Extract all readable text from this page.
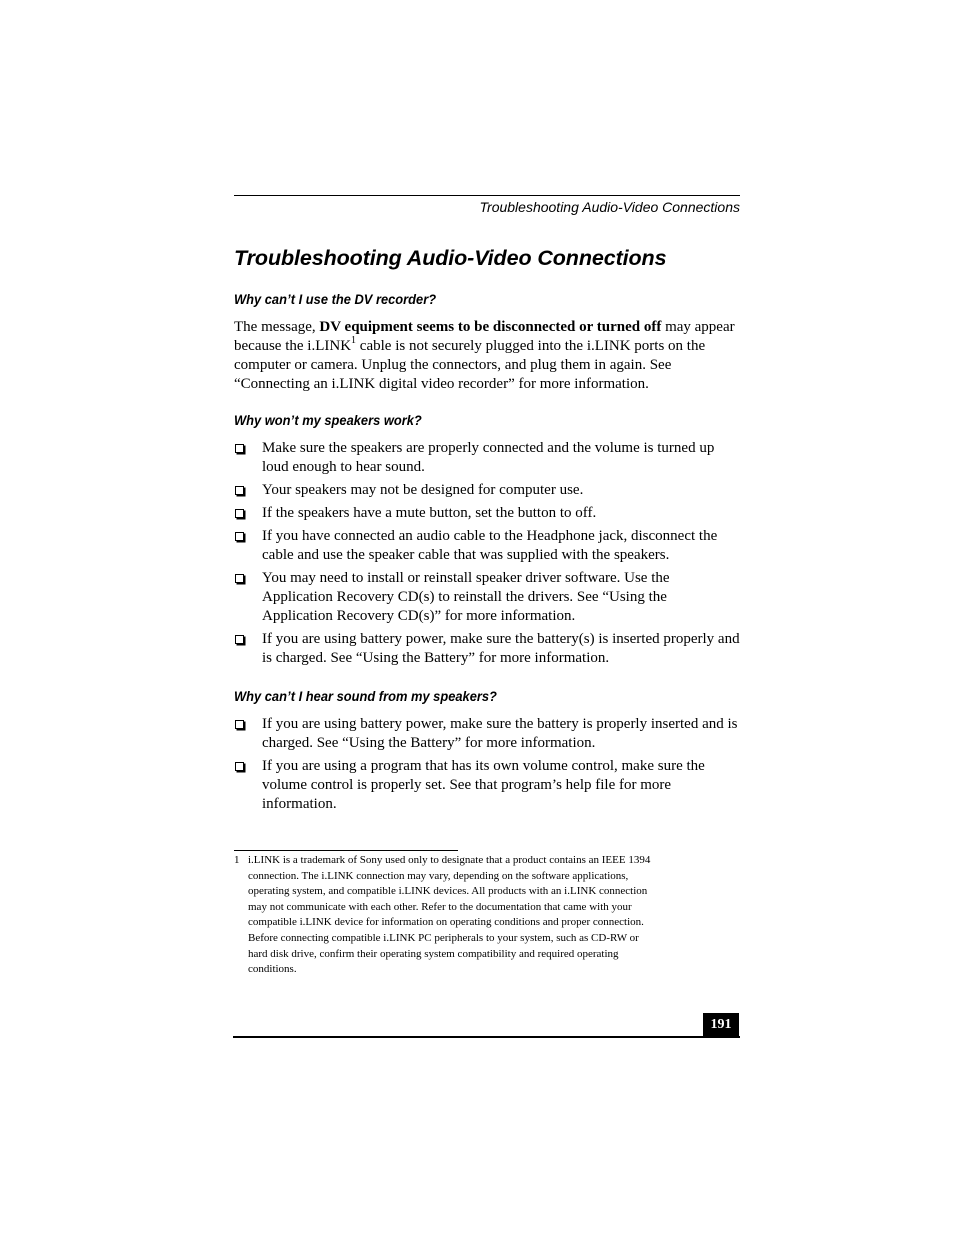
Troubleshooting Audio-Video Connections
Troubleshooting Audio-Video Connections
Why can’t I use the DV recorder?

The message, DV equipment seems to be disconnected or turned off may appear because the i.LINK$^1$ cable is not securely plugged into the i.LINK ports on the computer or camera. Unplug the connectors, and plug them in again. See “Connecting an i.LINK digital video recorder” for more information.

Why won’t my speakers work?
Make sure the speakers are properly connected and the volume is turned up loud enough to hear sound.
Your speakers may not be designed for computer use.
If the speakers have a mute button, set the button to off.
If you have connected an audio cable to the Headphone jack, disconnect the cable and use the speaker cable that was supplied with the speakers.
You may need to install or reinstall speaker driver software. Use the Application Recovery CD(s) to reinstall the drivers. See “Using the Application Recovery CD(s)” for more information.
If you are using battery power, make sure the battery(s) is inserted properly and is charged. See “Using the Battery” for more information.
Why can’t I hear sound from my speakers?
If you are using battery power, make sure the battery is properly inserted and is charged. See “Using the Battery” for more information.
If you are using a program that has its own volume control, make sure the volume control is properly set. See that program’s help file for more information.
1 i.LINK is a trademark of Sony used only to designate that a product contains an IEEE 1394
connection. The i.LINK connection may vary, depending on the software applications,
operating system, and compatible i.LINK devices. All products with an i.LINK connection
may not communicate with each other. Refer to the documentation that came with your
compatible i.LINK device for information on operating conditions and proper connection.
Before connecting compatible i.LINK PC peripherals to your system, such as CD-RW or
hard disk drive, confirm their operating system compatibility and required operating
conditions.
191
